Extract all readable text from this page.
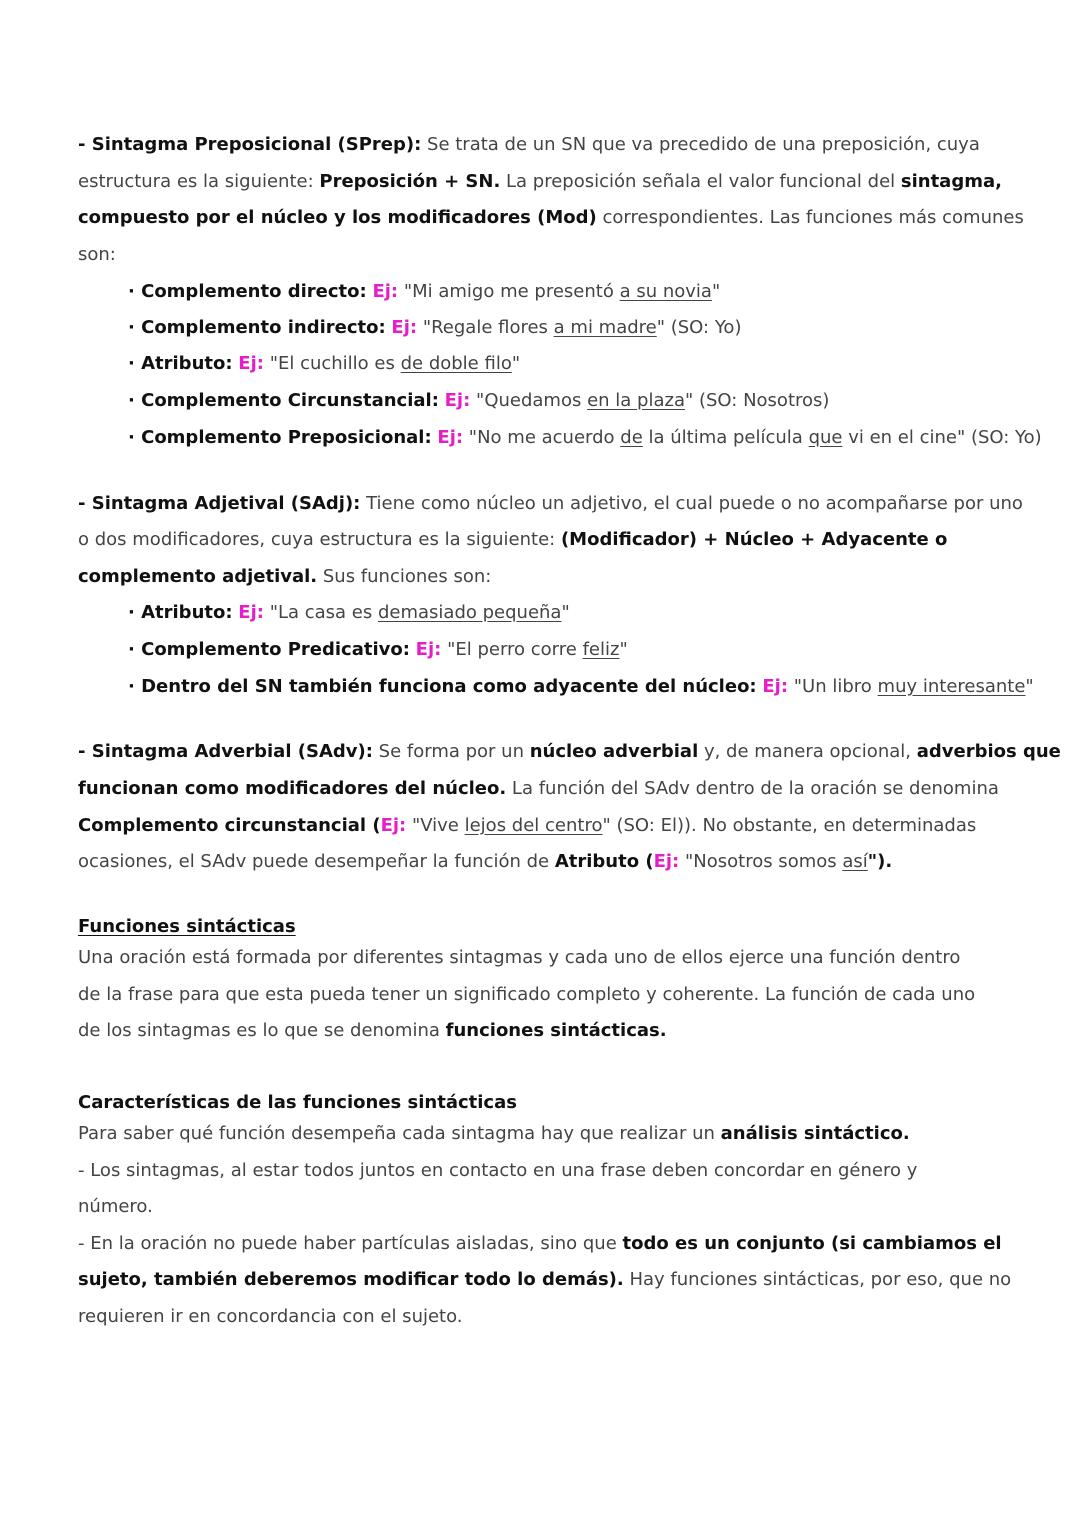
- Sintagma Preposicional (SPrep): Se trata de un SN que va precedido de una preposición, cuya
estructura es la siguiente: Preposición + SN. La preposición señala el valor funcional del sintagma,
compuesto por el núcleo y los modificadores (Mod) correspondientes. Las funciones más comunes
son:
· Complemento directo: Ej: "Mi amigo me presentó a su novia"
· Complemento indirecto: Ej: "Regale flores a mi madre" (SO: Yo)
· Atributo: Ej: "El cuchillo es de doble filo"
· Complemento Circunstancial: Ej: "Quedamos en la plaza" (SO: Nosotros)
· Complemento Preposicional: Ej: "No me acuerdo de la última película que vi en el cine" (SO: Yo)
- Sintagma Adjetival (SAdj): Tiene como núcleo un adjetivo, el cual puede o no acompañarse por uno
o dos modificadores, cuya estructura es la siguiente: (Modificador) + Núcleo + Adyacente o
complemento adjetival. Sus funciones son:
· Atributo: Ej: "La casa es demasiado pequeña"
· Complemento Predicativo: Ej: "El perro corre feliz"
· Dentro del SN también funciona como adyacente del núcleo: Ej: "Un libro muy interesante"
- Sintagma Adverbial (SAdv): Se forma por un núcleo adverbial y, de manera opcional, adverbios que
funcionan como modificadores del núcleo. La función del SAdv dentro de la oración se denomina
Complemento circunstancial (Ej: "Vive lejos del centro" (SO: El)). No obstante, en determinadas
ocasiones, el SAdv puede desempeñar la función de Atributo (Ej: "Nosotros somos así").
Funciones sintácticas
Una oración está formada por diferentes sintagmas y cada uno de ellos ejerce una función dentro
de la frase para que esta pueda tener un significado completo y coherente. La función de cada uno
de los sintagmas es lo que se denomina funciones sintácticas.
Características de las funciones sintácticas
Para saber qué función desempeña cada sintagma hay que realizar un análisis sintáctico.
- Los sintagmas, al estar todos juntos en contacto en una frase deben concordar en género y
número.
- En la oración no puede haber partículas aisladas, sino que todo es un conjunto (si cambiamos el
sujeto, también deberemos modificar todo lo demás). Hay funciones sintácticas, por eso, que no
requieren ir en concordancia con el sujeto.
